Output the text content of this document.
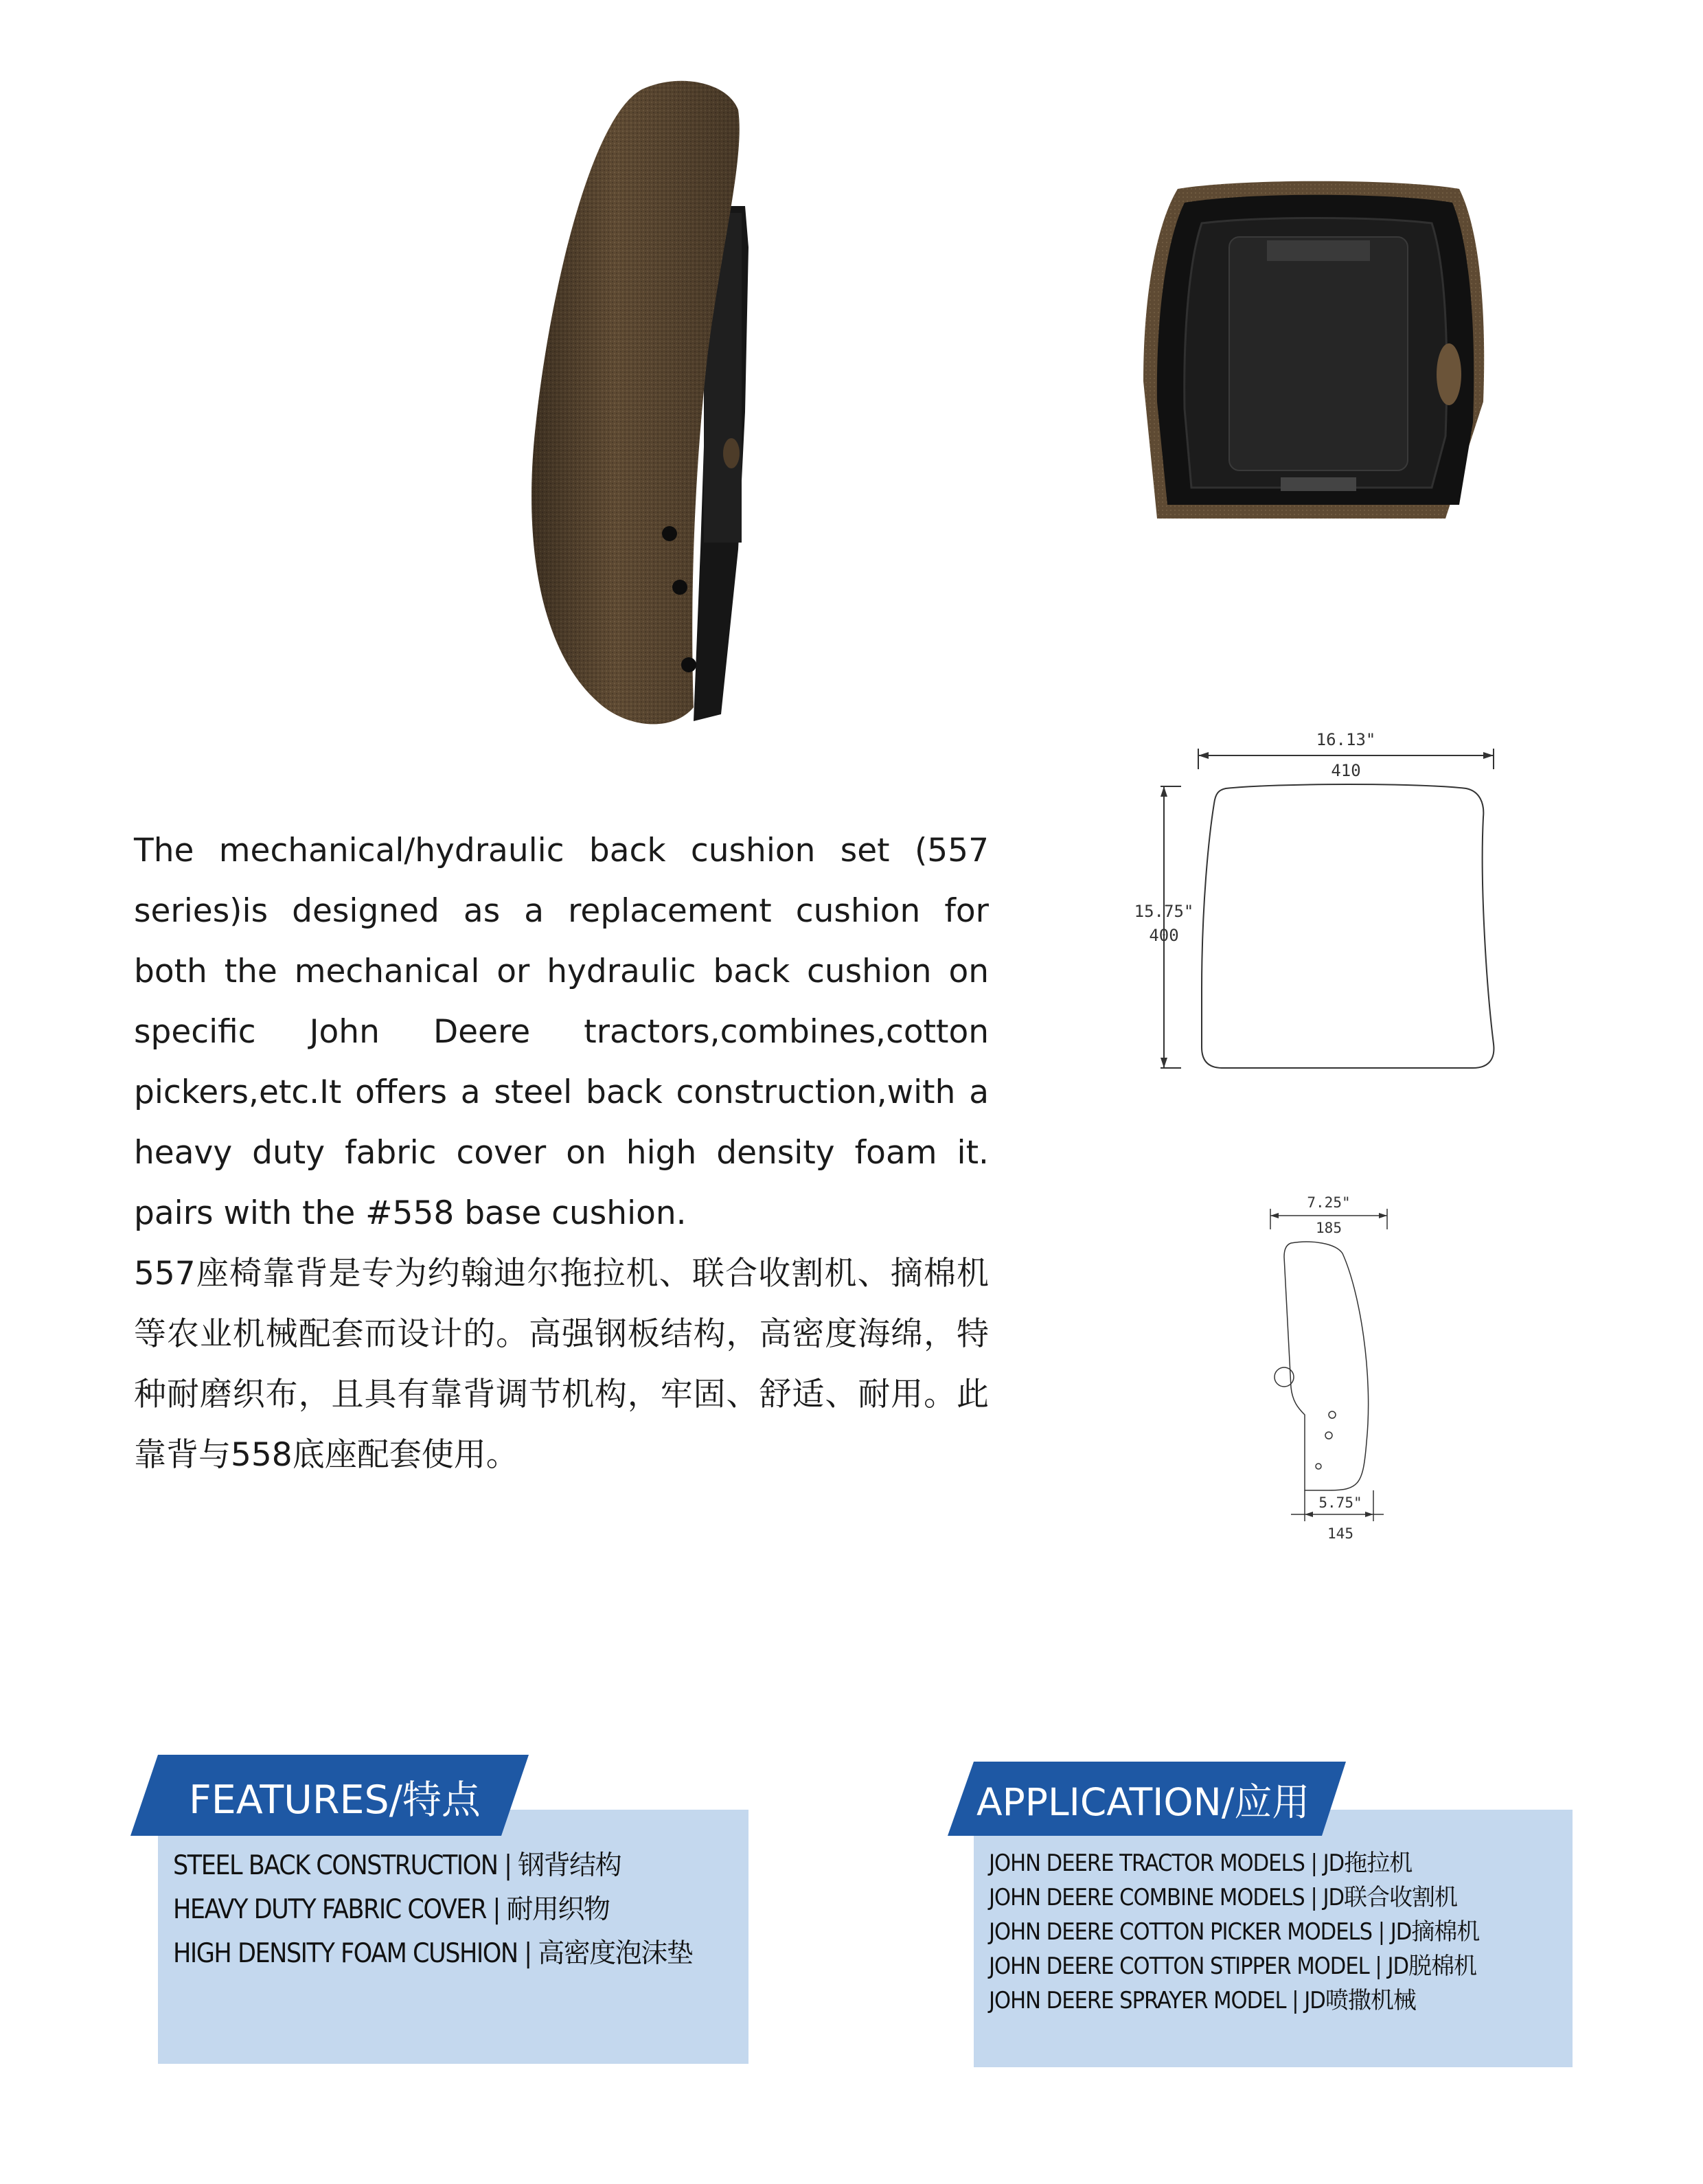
The mechanical/hydraulic back cushion set (557 series)is designed as a replacement cushion for both the mechanical or hydraulic back cushion on specific John Deere tractors,combines,cotton pickers,etc.It offers a steel back construction,with a heavy duty fabric cover on high density foam it. pairs with the #558 base cushion.

557座椅靠背是专为约翰迪尔拖拉机、联合收割机、摘棉机等农业机械配套而设计的。高强钢板结构，高密度海绵，特种耐磨织布，且具有靠背调节机构，牢固、舒适、耐用。此靠背与558底座配套使用。

16.13"
410
15.75"
400
7.25"
185
5.75"
145
FEATURES/特点
STEEL BACK CONSTRUCTION | 钢背结构
HEAVY DUTY FABRIC COVER | 耐用织物
HIGH DENSITY FOAM CUSHION | 高密度泡沫垫
APPLICATION/应用
JOHN DEERE TRACTOR MODELS | JD拖拉机
JOHN DEERE COMBINE MODELS | JD联合收割机
JOHN DEERE COTTON PICKER MODELS | JD摘棉机
JOHN DEERE COTTON STIPPER MODEL | JD脱棉机
JOHN DEERE SPRAYER MODEL | JD喷撒机械
